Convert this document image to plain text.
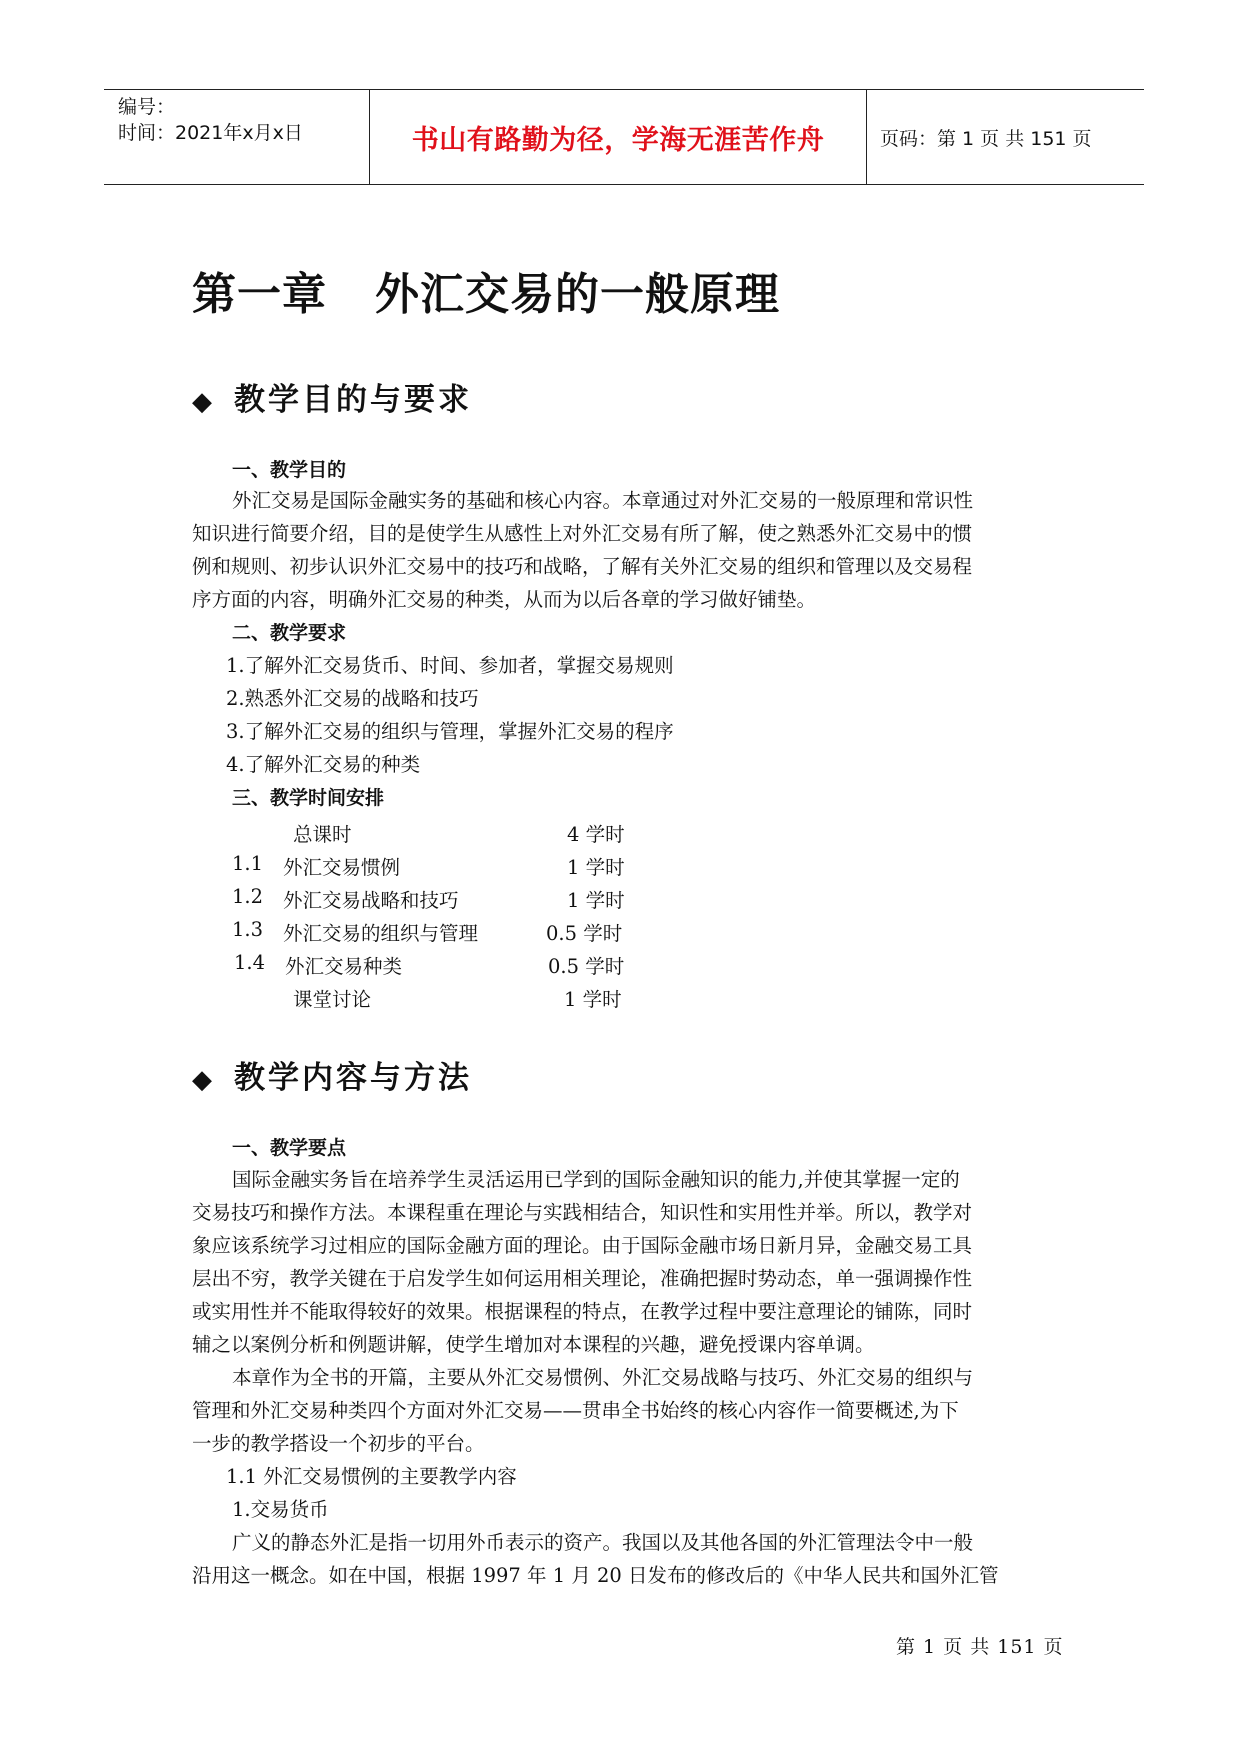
编号：
时间：2021年x月x日	书山有路勤为径，学海无涯苦作舟	页码：第 1 页 共 151 页
第一章 外汇交易的一般原理
◆ 教学目的与要求
一、教学目的
外汇交易是国际金融实务的基础和核心内容。本章通过对外汇交易的一般原理和常识性
知识进行简要介绍，目的是使学生从感性上对外汇交易有所了解，使之熟悉外汇交易中的惯
例和规则、初步认识外汇交易中的技巧和战略，了解有关外汇交易的组织和管理以及交易程
序方面的内容，明确外汇交易的种类，从而为以后各章的学习做好铺垫。
二、教学要求
1.了解外汇交易货币、时间、参加者，掌握交易规则
2.熟悉外汇交易的战略和技巧
3.了解外汇交易的组织与管理，掌握外汇交易的程序
4.了解外汇交易的种类
三、教学时间安排
总课时	4 学时
1.1 外汇交易惯例	1 学时
1.2 外汇交易战略和技巧	1 学时
1.3 外汇交易的组织与管理	0.5 学时
1.4 外汇交易种类	0.5 学时
课堂讨论	1 学时
◆ 教学内容与方法
一、教学要点
国际金融实务旨在培养学生灵活运用已学到的国际金融知识的能力,并使其掌握一定的
交易技巧和操作方法。本课程重在理论与实践相结合，知识性和实用性并举。所以，教学对
象应该系统学习过相应的国际金融方面的理论。由于国际金融市场日新月异，金融交易工具
层出不穷，教学关键在于启发学生如何运用相关理论，准确把握时势动态，单一强调操作性
或实用性并不能取得较好的效果。根据课程的特点，在教学过程中要注意理论的铺陈，同时
辅之以案例分析和例题讲解，使学生增加对本课程的兴趣，避免授课内容单调。
本章作为全书的开篇，主要从外汇交易惯例、外汇交易战略与技巧、外汇交易的组织与
管理和外汇交易种类四个方面对外汇交易——贯串全书始终的核心内容作一简要概述,为下
一步的教学搭设一个初步的平台。
1.1 外汇交易惯例的主要教学内容
1.交易货币
广义的静态外汇是指一切用外币表示的资产。我国以及其他各国的外汇管理法令中一般
沿用这一概念。如在中国，根据 1997 年 1 月 20 日发布的修改后的《中华人民共和国外汇管
第 1 页 共 151 页
